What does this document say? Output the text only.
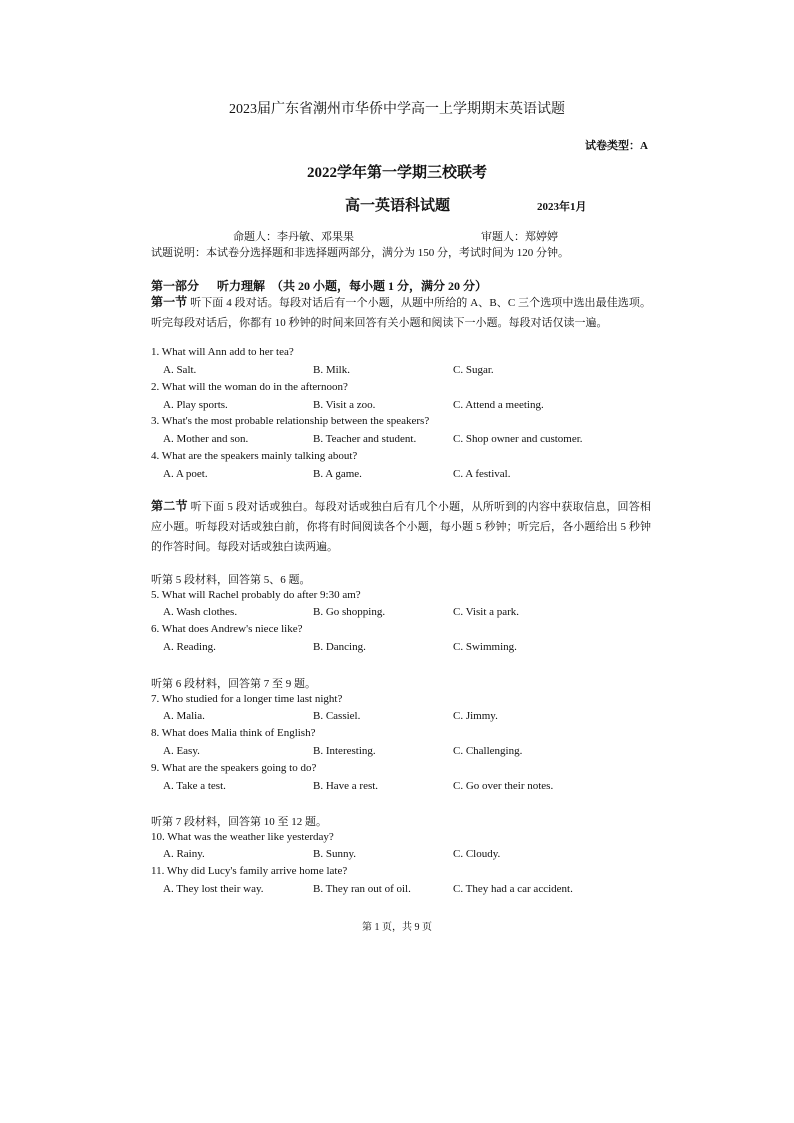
2023届广东省潮州市华侨中学高一上学期期末英语试题
试卷类型：A
2022学年第一学期三校联考
高一英语科试题	2023年1月
命题人：李丹敏、邓果果	审题人：郑婷婷
试题说明：本试卷分选择题和非选择题两部分，满分为 150 分，考试时间为 120 分钟。
第一部分      听力理解  （共 20 小题，每小题 1 分，满分 20 分）
第一节 听下面 4 段对话。每段对话后有一个小题，从题中所给的 A、B、C 三个选项中选出最佳选项。听完每段对话后，你都有 10 秒钟的时间来回答有关小题和阅读下一小题。每段对话仅读一遍。
1. What will Ann add to her tea?
A. Salt.	B. Milk.	C. Sugar.
2. What will the woman do in the afternoon?
A. Play sports.	B. Visit a zoo.	C. Attend a meeting.
3. What's the most probable relationship between the speakers?
A. Mother and son.	B. Teacher and student.	C. Shop owner and customer.
4. What are the speakers mainly talking about?
A. A poet.	B. A game.	C. A festival.
第二节 听下面 5 段对话或独白。每段对话或独白后有几个小题，从所听到的内容中获取信息，回答相应小题。听每段对话或独白前，你将有时间阅读各个小题，每小题 5 秒钟；听完后，各小题给出 5 秒钟的作答时间。每段对话或独白读两遍。
听第 5 段材料，回答第 5、6 题。
5. What will Rachel probably do after 9:30 am?
A. Wash clothes.	B. Go shopping.	C. Visit a park.
6. What does Andrew's niece like?
A. Reading.	B. Dancing.	C. Swimming.
听第 6 段材料，回答第 7 至 9 题。
7. Who studied for a longer time last night?
A. Malia.	B. Cassiel.	C. Jimmy.
8. What does Malia think of English?
A. Easy.	B. Interesting.	C. Challenging.
9. What are the speakers going to do?
A. Take a test.	B. Have a rest.	C. Go over their notes.
听第 7 段材料，回答第 10 至 12 题。
10. What was the weather like yesterday?
A. Rainy.	B. Sunny.	C. Cloudy.
11. Why did Lucy's family arrive home late?
A. They lost their way.	B. They ran out of oil.	C. They had a car accident.
第 1 页，共 9 页
